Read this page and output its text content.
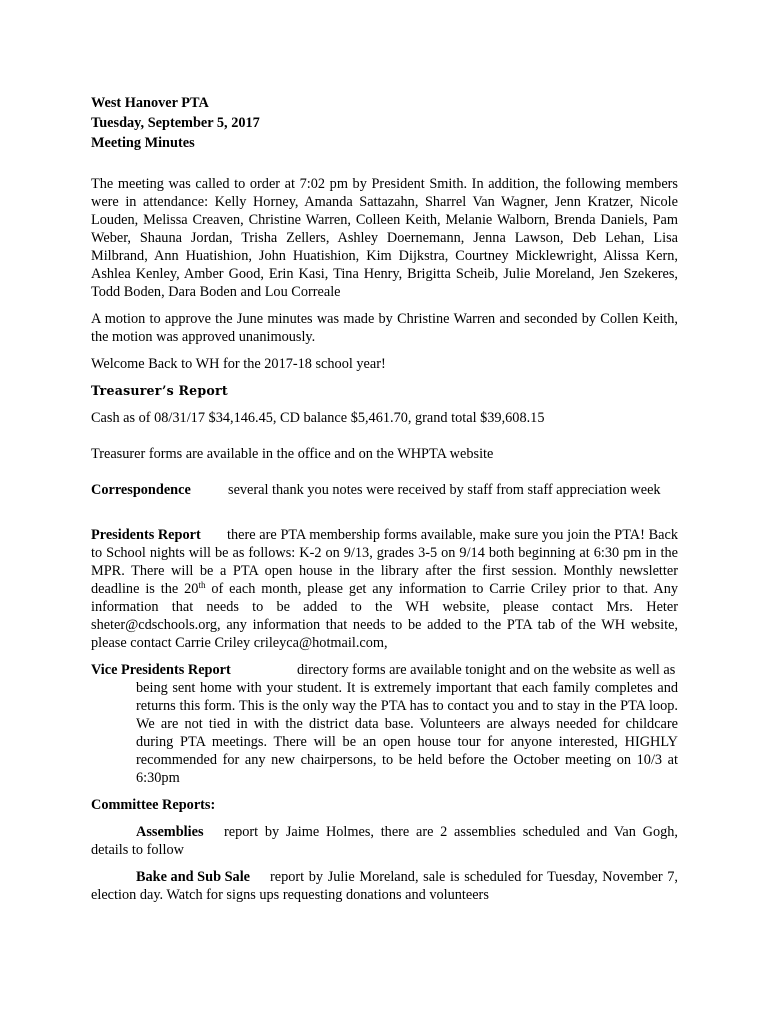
West Hanover PTA
Tuesday, September 5, 2017
Meeting Minutes

The meeting was called to order at 7:02 pm by President Smith. In addition, the following members were in attendance: Kelly Horney, Amanda Sattazahn, Sharrel Van Wagner, Jenn Kratzer, Nicole Louden, Melissa Creaven, Christine Warren, Colleen Keith, Melanie Walborn, Brenda Daniels, Pam Weber, Shauna Jordan, Trisha Zellers, Ashley Doernemann, Jenna Lawson, Deb Lehan, Lisa Milbrand, Ann Huatishion, John Huatishion, Kim Dijkstra, Courtney Micklewright, Alissa Kern, Ashlea Kenley, Amber Good, Erin Kasi, Tina Henry, Brigitta Scheib, Julie Moreland, Jen Szekeres, Todd Boden, Dara Boden and Lou Correale

A motion to approve the June minutes was made by Christine Warren and seconded by Collen Keith, the motion was approved unanimously.

Welcome Back to WH for the 2017-18 school year!

Treasurer’s Report

Cash as of 08/31/17 $34,146.45, CD balance $5,461.70, grand total $39,608.15

Treasurer forms are available in the office and on the WHPTA website

Correspondence	several thank you notes were received by staff from staff appreciation week

Presidents Report there are PTA membership forms available, make sure you join the PTA! Back to School nights will be as follows: K-2 on 9/13, grades 3-5 on 9/14 both beginning at 6:30 pm in the MPR. There will be a PTA open house in the library after the first session. Monthly newsletter deadline is the 20th of each month, please get any information to Carrie Criley prior to that. Any information that needs to be added to the WH website, please contact Mrs. Heter sheter@cdschools.org, any information that needs to be added to the PTA tab of the WH website, please contact Carrie Criley crileyca@hotmail.com,

Vice Presidents Report	directory forms are available tonight and on the website as well as

being sent home with your student. It is extremely important that each family completes and returns this form. This is the only way the PTA has to contact you and to stay in the PTA loop. We are not tied in with the district data base. Volunteers are always needed for childcare during PTA meetings. There will be an open house tour for anyone interested, HIGHLY recommended for any new chairpersons, to be held before the October meeting on 10/3 at 6:30pm

Committee Reports:

Assemblies report by Jaime Holmes, there are 2 assemblies scheduled and Van Gogh, details to follow

Bake and Sub Sale report by Julie Moreland, sale is scheduled for Tuesday, November 7, election day. Watch for signs ups requesting donations and volunteers
